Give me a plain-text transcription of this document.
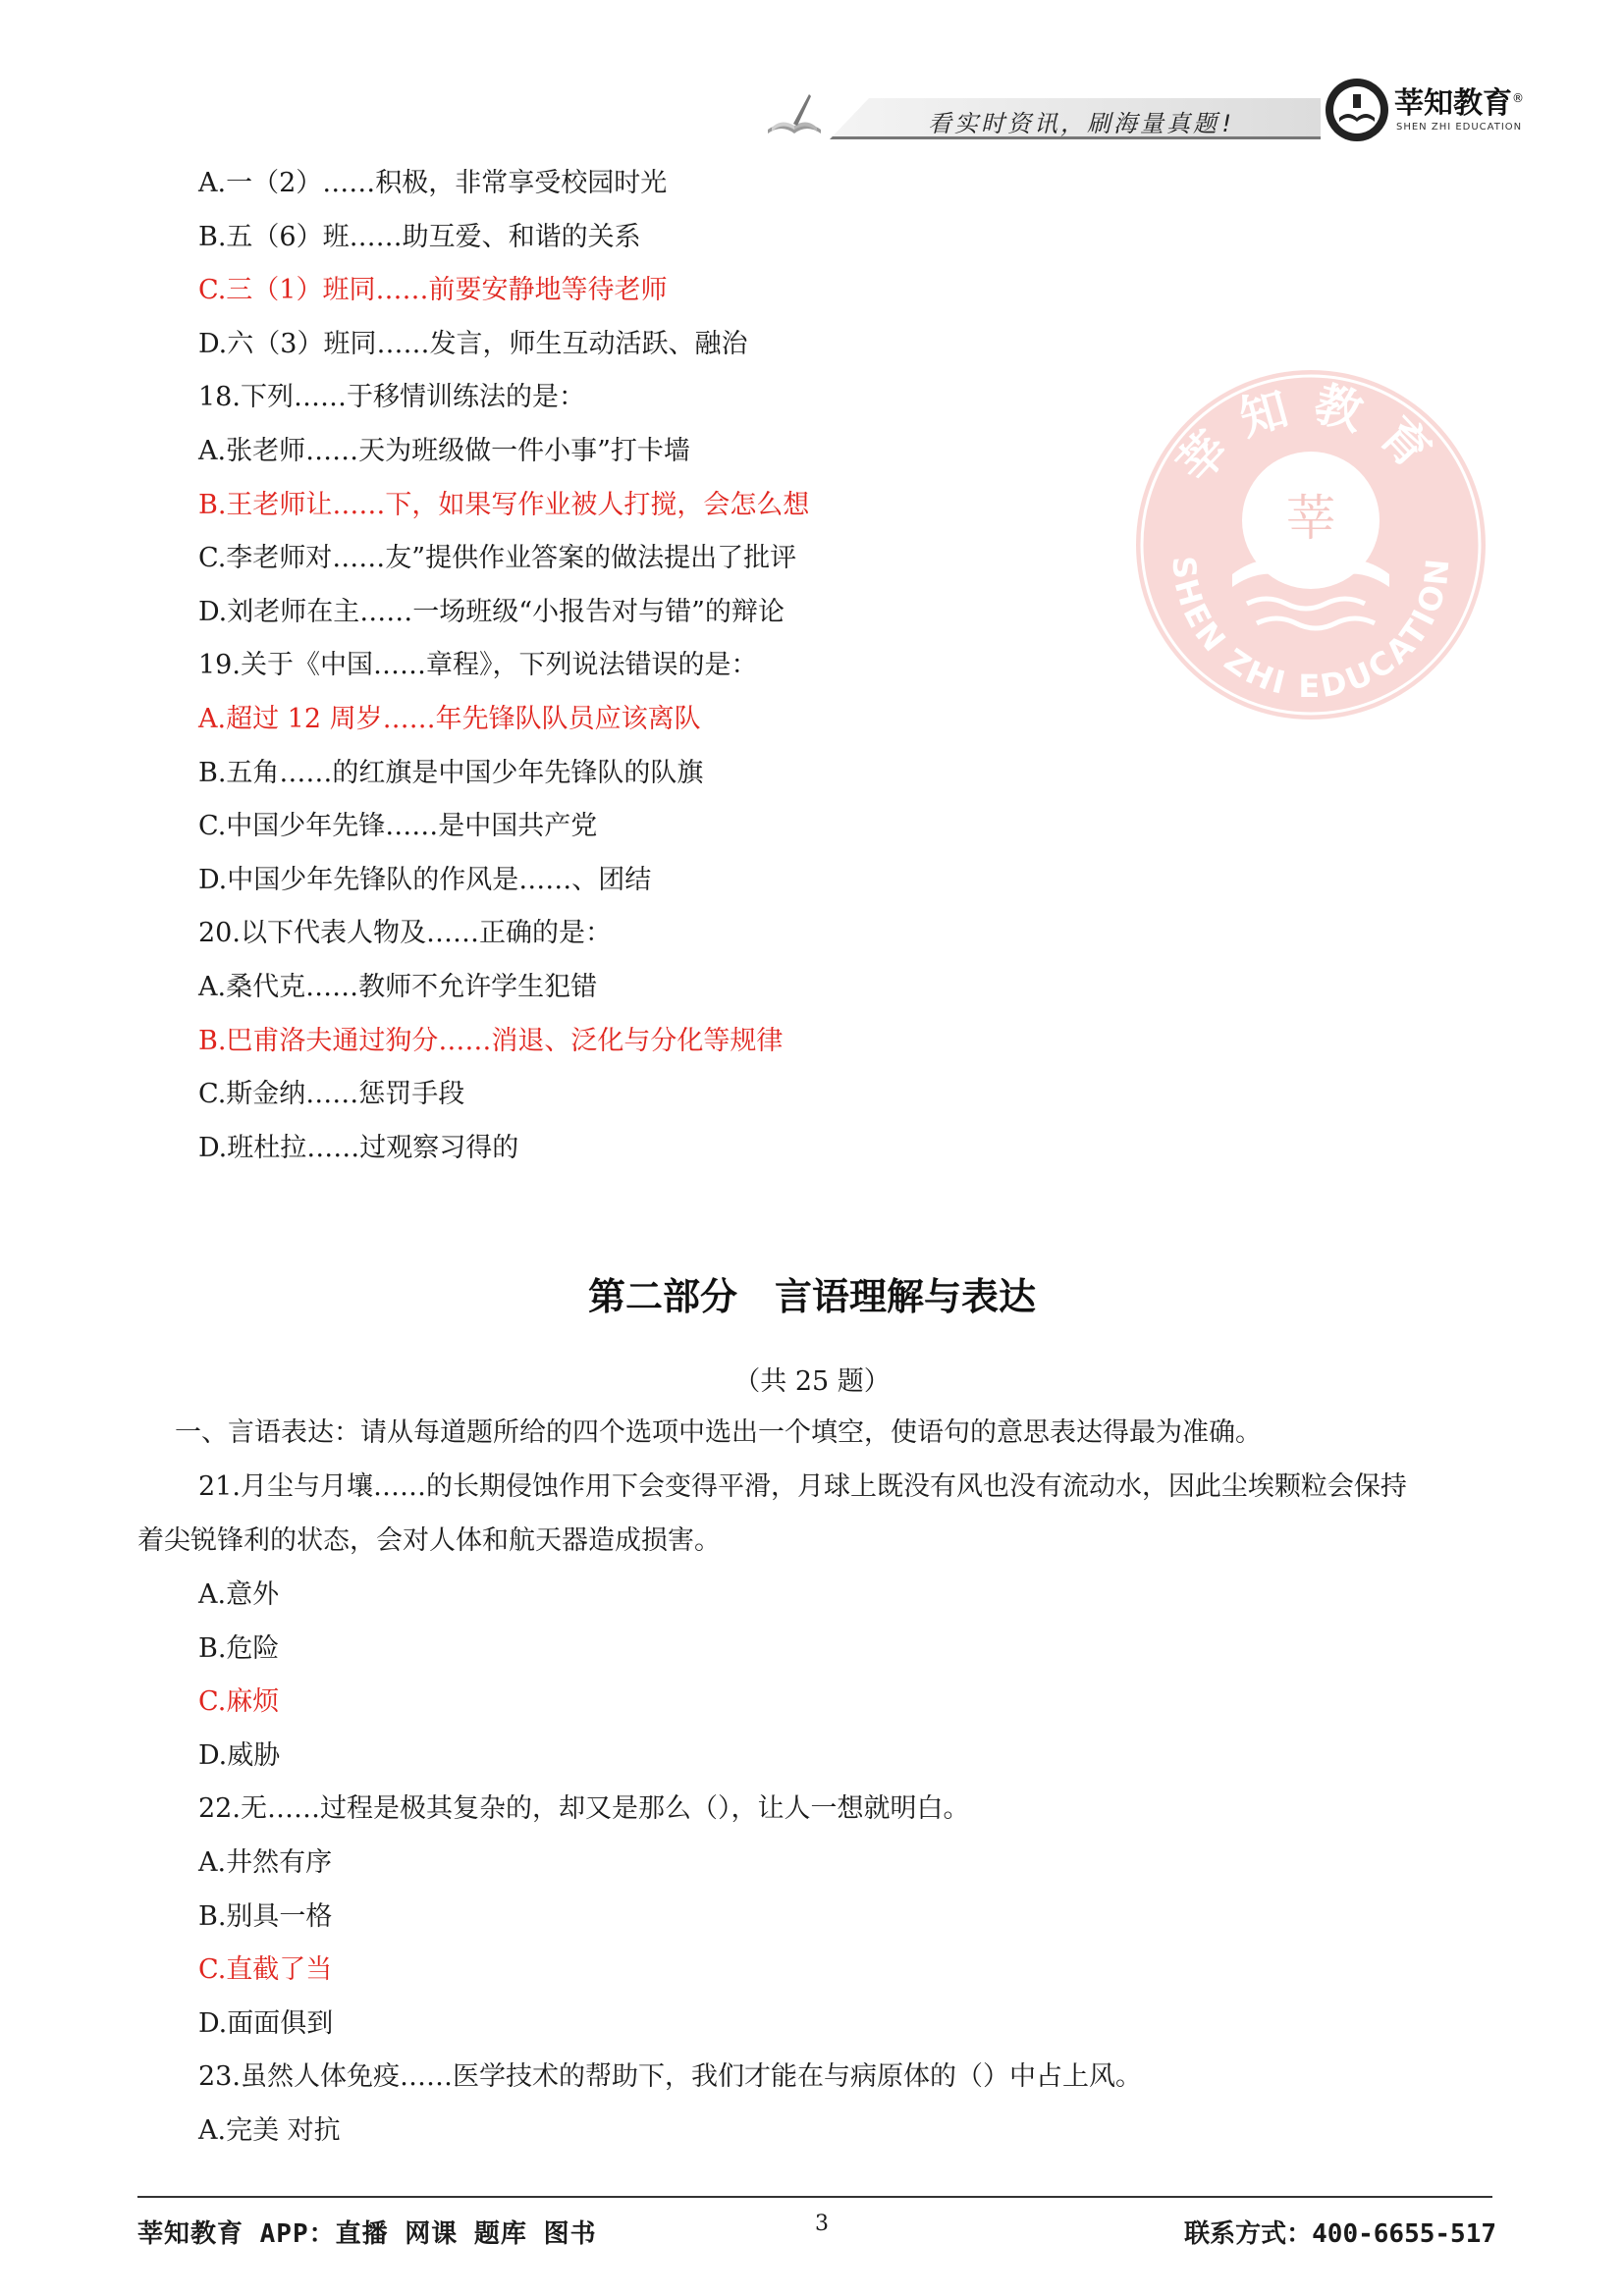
看实时资讯，刷海量真题!
莘知教育®
SHEN ZHI EDUCATION
莘知教育
SHEN ZHI EDUCATION
莘
A.一（2）……积极，非常享受校园时光
B.五（6）班……助互爱、和谐的关系
C.三（1）班同……前要安静地等待老师
D.六（3）班同……发言，师生互动活跃、融治
18.下列……于移情训练法的是：
A.张老师……天为班级做一件小事”打卡墙
B.王老师让……下，如果写作业被人打搅，会怎么想
C.李老师对……友”提供作业答案的做法提出了批评
D.刘老师在主……一场班级“小报告对与错”的辩论
19.关于《中国……章程》，下列说法错误的是：
A.超过 12 周岁……年先锋队队员应该离队
B.五角……的红旗是中国少年先锋队的队旗
C.中国少年先锋……是中国共产党
D.中国少年先锋队的作风是……、团结
20.以下代表人物及……正确的是：
A.桑代克……教师不允许学生犯错
B.巴甫洛夫通过狗分……消退、泛化与分化等规律
C.斯金纳……惩罚手段
D.班杜拉……过观察习得的
第二部分　言语理解与表达
（共 25 题）
一、言语表达：请从每道题所给的四个选项中选出一个填空，使语句的意思表达得最为准确。
21.月尘与月壤……的长期侵蚀作用下会变得平滑，月球上既没有风也没有流动水，因此尘埃颗粒会保持
着尖锐锋利的状态，会对人体和航天器造成损害。
A.意外
B.危险
C.麻烦
D.威胁
22.无……过程是极其复杂的，却又是那么（），让人一想就明白。
A.井然有序
B.别具一格
C.直截了当
D.面面俱到
23.虽然人体免疫……医学技术的帮助下，我们才能在与病原体的（）中占上风。
A.完美 对抗
莘知教育 APP：直播 网课 题库 图书	3	联系方式：400-6655-517
